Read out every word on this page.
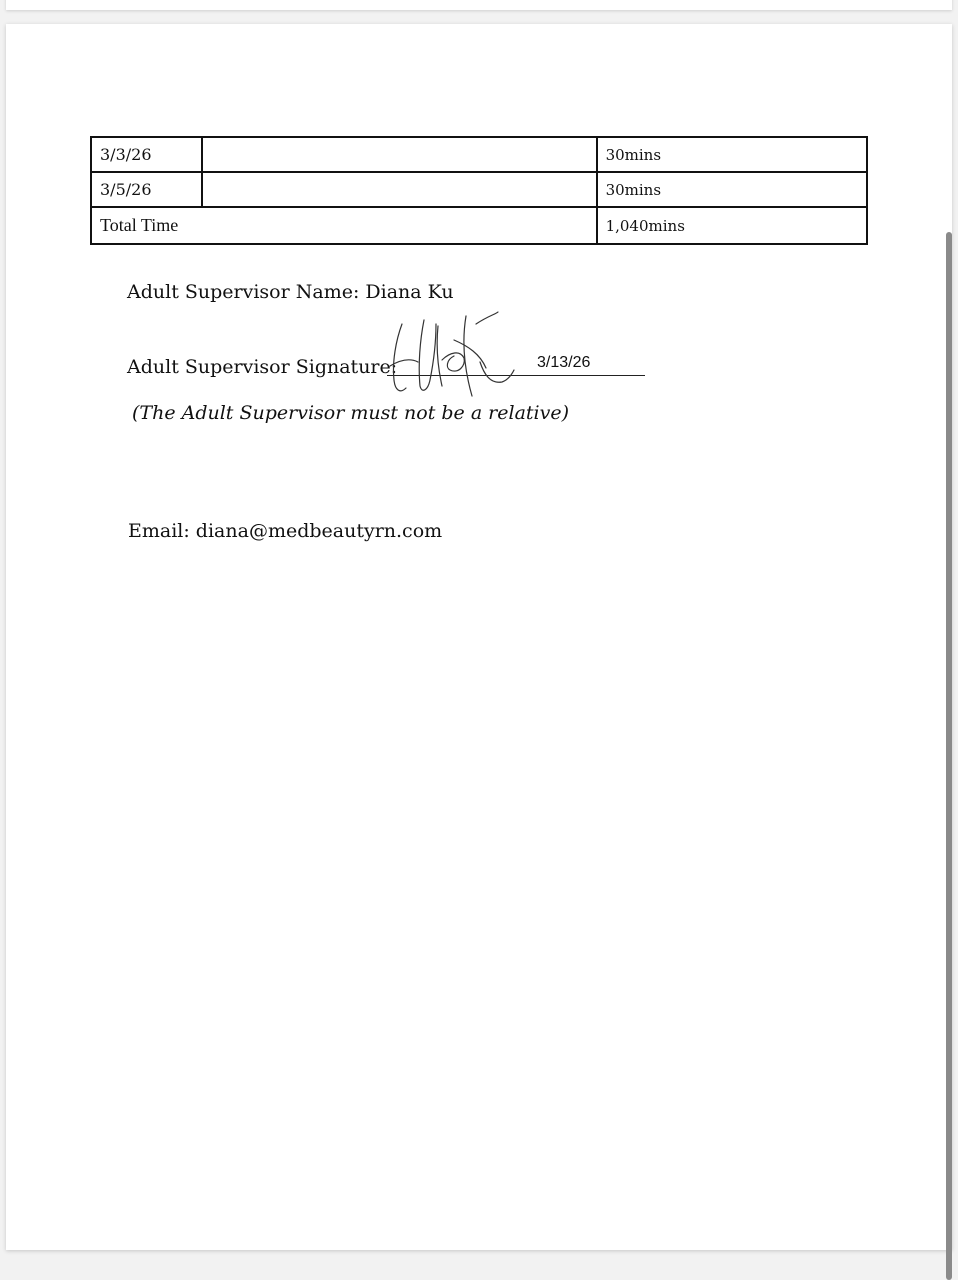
3/3/26		30mins
3/5/26		30mins
Total Time		1,040mins
Adult Supervisor Name: Diana Ku
Adult Supervisor Signature:	3/13/26
(The Adult Supervisor must not be a relative)
Email: diana@medbeautyrn.com
